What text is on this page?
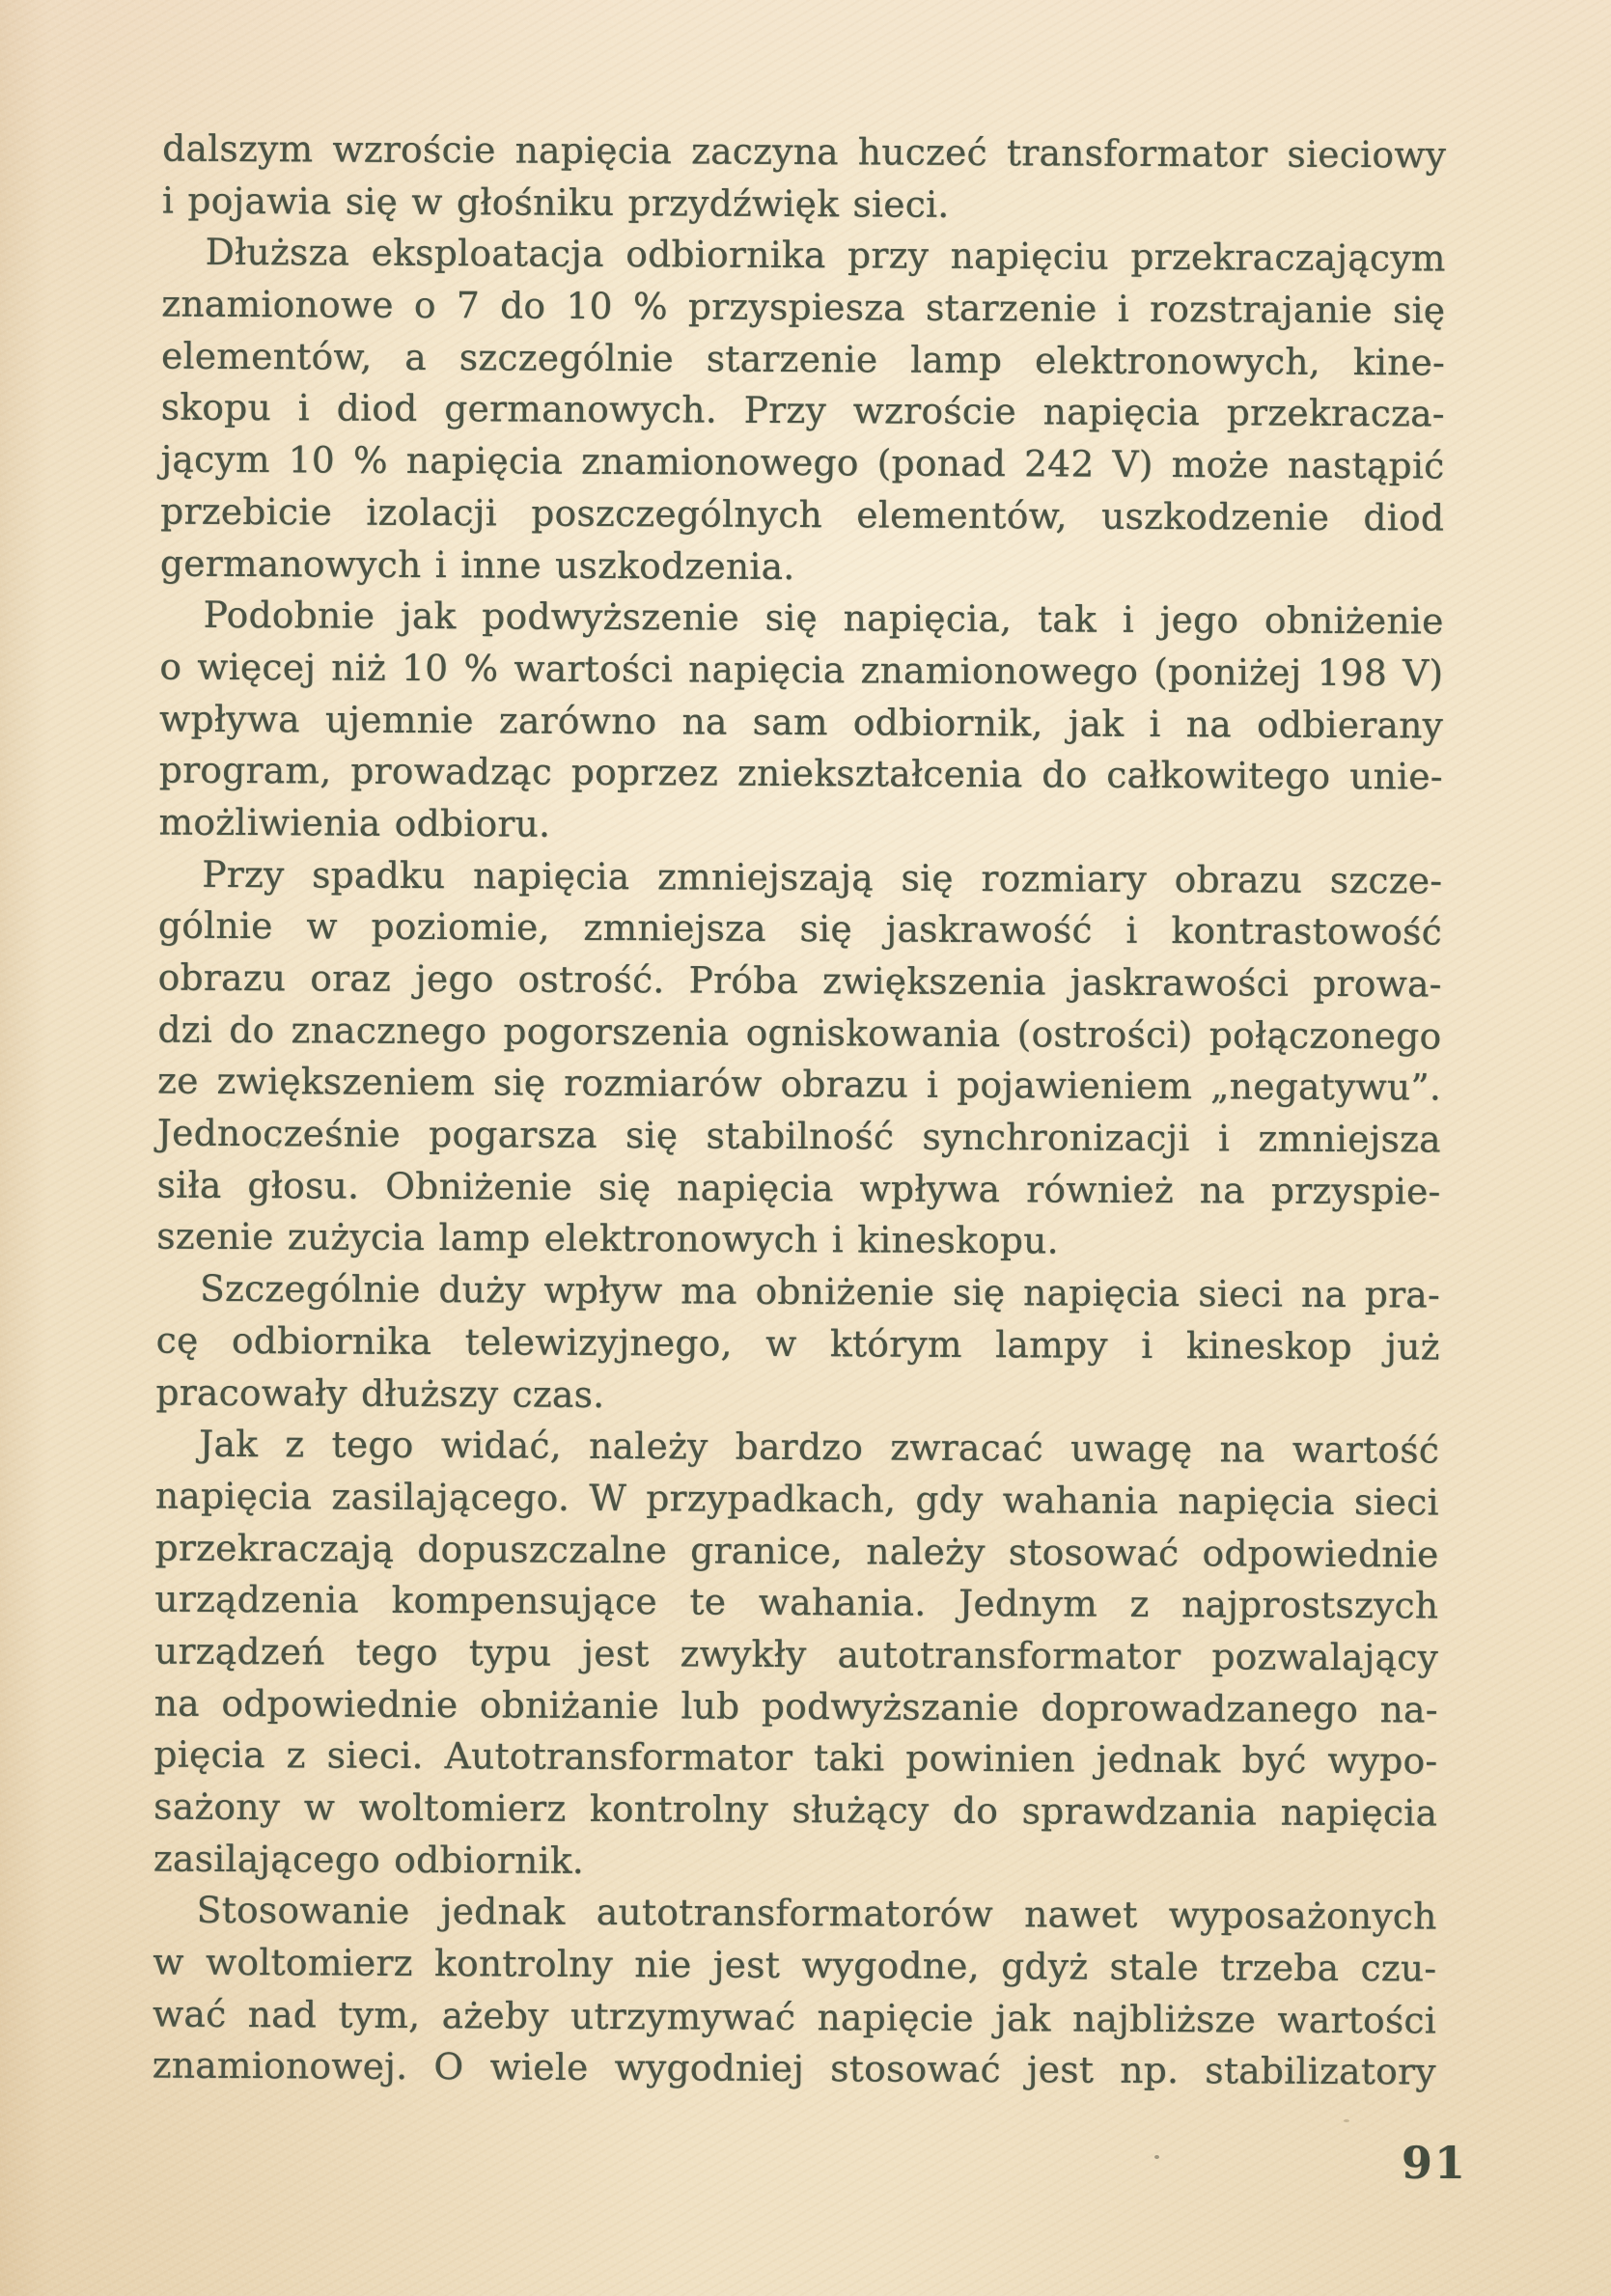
dalszym wzroście napięcia zaczyna huczeć transformator sieciowy
i pojawia się w głośniku przydźwięk sieci.
Dłuższa eksploatacja odbiornika przy napięciu przekraczającym
znamionowe o 7 do 10 % przyspiesza starzenie i rozstrajanie się
elementów, a szczególnie starzenie lamp elektronowych, kine-
skopu i diod germanowych. Przy wzroście napięcia przekracza-
jącym 10 % napięcia znamionowego (ponad 242 V) może nastąpić
przebicie izolacji poszczególnych elementów, uszkodzenie diod
germanowych i inne uszkodzenia.
Podobnie jak podwyższenie się napięcia, tak i jego obniżenie
o więcej niż 10 % wartości napięcia znamionowego (poniżej 198 V)
wpływa ujemnie zarówno na sam odbiornik, jak i na odbierany
program, prowadząc poprzez zniekształcenia do całkowitego unie-
możliwienia odbioru.
Przy spadku napięcia zmniejszają się rozmiary obrazu szcze-
gólnie w poziomie, zmniejsza się jaskrawość i kontrastowość
obrazu oraz jego ostrość. Próba zwiększenia jaskrawości prowa-
dzi do znacznego pogorszenia ogniskowania (ostrości) połączonego
ze zwiększeniem się rozmiarów obrazu i pojawieniem „negatywu”.
Jednocześnie pogarsza się stabilność synchronizacji i zmniejsza
siła głosu. Obniżenie się napięcia wpływa również na przyspie-
szenie zużycia lamp elektronowych i kineskopu.
Szczególnie duży wpływ ma obniżenie się napięcia sieci na pra-
cę odbiornika telewizyjnego, w którym lampy i kineskop już
pracowały dłuższy czas.
Jak z tego widać, należy bardzo zwracać uwagę na wartość
napięcia zasilającego. W przypadkach, gdy wahania napięcia sieci
przekraczają dopuszczalne granice, należy stosować odpowiednie
urządzenia kompensujące te wahania. Jednym z najprostszych
urządzeń tego typu jest zwykły autotransformator pozwalający
na odpowiednie obniżanie lub podwyższanie doprowadzanego na-
pięcia z sieci. Autotransformator taki powinien jednak być wypo-
sażony w woltomierz kontrolny służący do sprawdzania napięcia
zasilającego odbiornik.
Stosowanie jednak autotransformatorów nawet wyposażonych
w woltomierz kontrolny nie jest wygodne, gdyż stale trzeba czu-
wać nad tym, ażeby utrzymywać napięcie jak najbliższe wartości
znamionowej. O wiele wygodniej stosować jest np. stabilizatory
91
